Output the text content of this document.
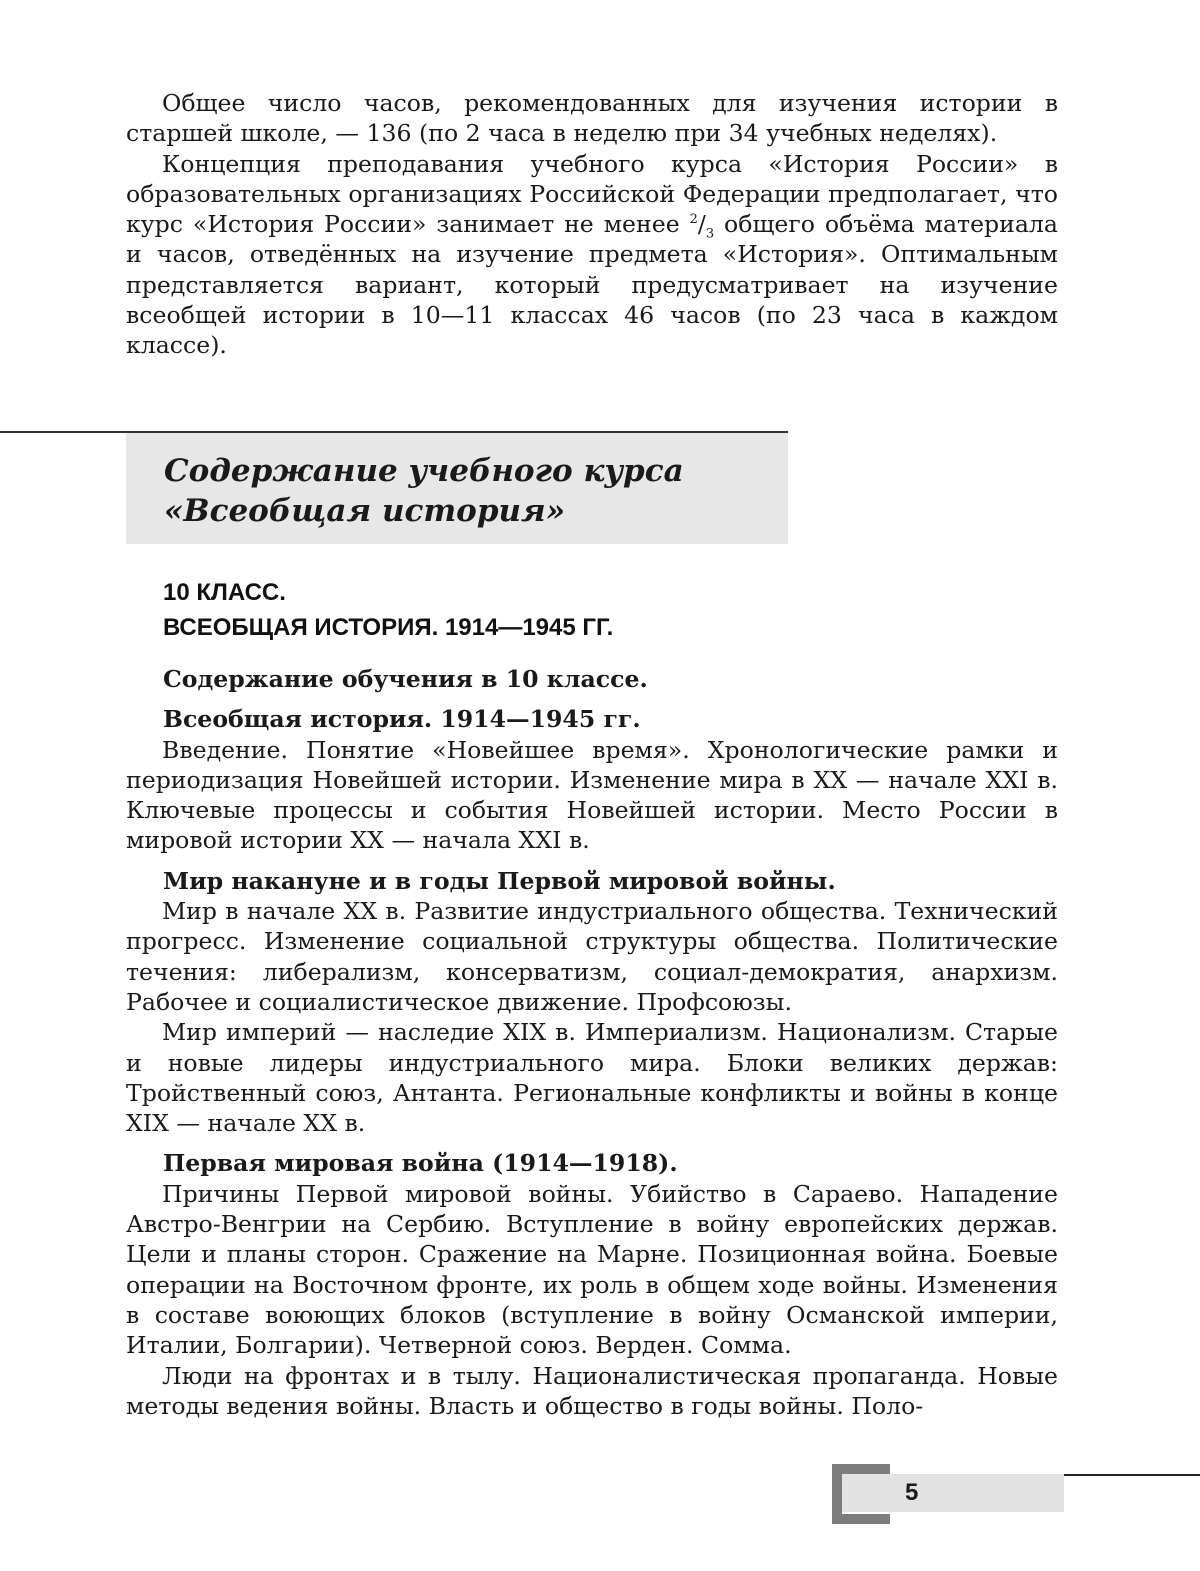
Общее число часов, рекомендованных для изучения истории в старшей школе, — 136 (по 2 часа в неделю при 34 учебных неделях).

Концепция преподавания учебного курса «История России» в образовательных организациях Российской Федерации предполагает, что курс «История России» занимает не менее $^2/_3$ общего объёма материала и часов, отведённых на изучение предмета «История». Оптимальным представляется вариант, который предусматривает на изучение всеобщей истории в 10—11 классах 46 часов (по 23 часа в каждом классе).

Содержание учебного курса

«Всеобщая история»

10 КЛАСС.
ВСЕОБЩАЯ ИСТОРИЯ. 1914—1945 ГГ.

Содержание обучения в 10 классе.

Всеобщая история. 1914—1945 гг.

Введение. Понятие «Новейшее время». Хронологические рамки и периодизация Новейшей истории. Изменение мира в XX — начале XXI в. Ключевые процессы и события Новейшей истории. Место России в мировой истории XX — начала XXI в.

Мир накануне и в годы Первой мировой войны.

Мир в начале XX в. Развитие индустриального общества. Технический прогресс. Изменение социальной структуры общества. Политические течения: либерализм, консерватизм, социал-демократия, анархизм. Рабочее и социалистическое движение. Профсоюзы.

Мир империй — наследие XIX в. Империализм. Национализм. Старые и новые лидеры индустриального мира. Блоки великих держав: Тройственный союз, Антанта. Региональные конфликты и войны в конце XIX — начале XX в.

Первая мировая война (1914—1918).

Причины Первой мировой войны. Убийство в Сараево. Нападение Австро-Венгрии на Сербию. Вступление в войну европейских держав. Цели и планы сторон. Сражение на Марне. Позиционная война. Боевые операции на Восточном фронте, их роль в общем ходе войны. Изменения в составе воюющих блоков (вступление в войну Османской империи, Италии, Болгарии). Четверной союз. Верден. Сомма.

Люди на фронтах и в тылу. Националистическая пропаганда. Новые методы ведения войны. Власть и общество в годы войны. Поло-

5
